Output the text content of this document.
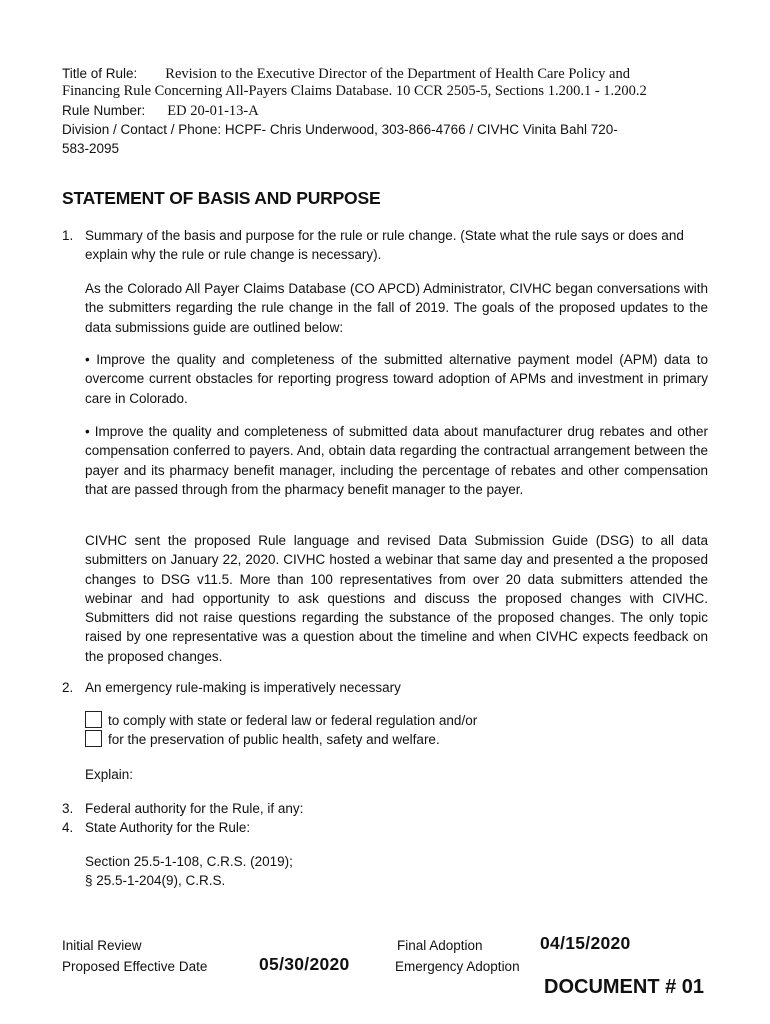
Title of Rule: Revision to the Executive Director of the Department of Health Care Policy and
Financing Rule Concerning All-Payers Claims Database. 10 CCR 2505-5, Sections 1.200.1 - 1.200.2
Rule Number: ED 20-01-13-A
Division / Contact / Phone: HCPF- Chris Underwood, 303-866-4766 / CIVHC Vinita Bahl 720-
583-2095
STATEMENT OF BASIS AND PURPOSE
1. Summary of the basis and purpose for the rule or rule change. (State what the rule says or does and explain why the rule or rule change is necessary).
As the Colorado All Payer Claims Database (CO APCD) Administrator, CIVHC began conversations with the submitters regarding the rule change in the fall of 2019. The goals of the proposed updates to the data submissions guide are outlined below:
• Improve the quality and completeness of the submitted alternative payment model (APM) data to overcome current obstacles for reporting progress toward adoption of APMs and investment in primary care in Colorado.
• Improve the quality and completeness of submitted data about manufacturer drug rebates and other compensation conferred to payers. And, obtain data regarding the contractual arrangement between the payer and its pharmacy benefit manager, including the percentage of rebates and other compensation that are passed through from the pharmacy benefit manager to the payer.
CIVHC sent the proposed Rule language and revised Data Submission Guide (DSG) to all data submitters on January 22, 2020. CIVHC hosted a webinar that same day and presented a the proposed changes to DSG v11.5. More than 100 representatives from over 20 data submitters attended the webinar and had opportunity to ask questions and discuss the proposed changes with CIVHC. Submitters did not raise questions regarding the substance of the proposed changes. The only topic raised by one representative was a question about the timeline and when CIVHC expects feedback on the proposed changes.
2. An emergency rule-making is imperatively necessary
to comply with state or federal law or federal regulation and/or
for the preservation of public health, safety and welfare.
Explain:
3. Federal authority for the Rule, if any:
4. State Authority for the Rule:
Section 25.5-1-108, C.R.S. (2019);
§ 25.5-1-204(9), C.R.S.
Initial Review	Final Adoption	04/15/2020
Proposed Effective Date	05/30/2020	Emergency Adoption
DOCUMENT # 01
